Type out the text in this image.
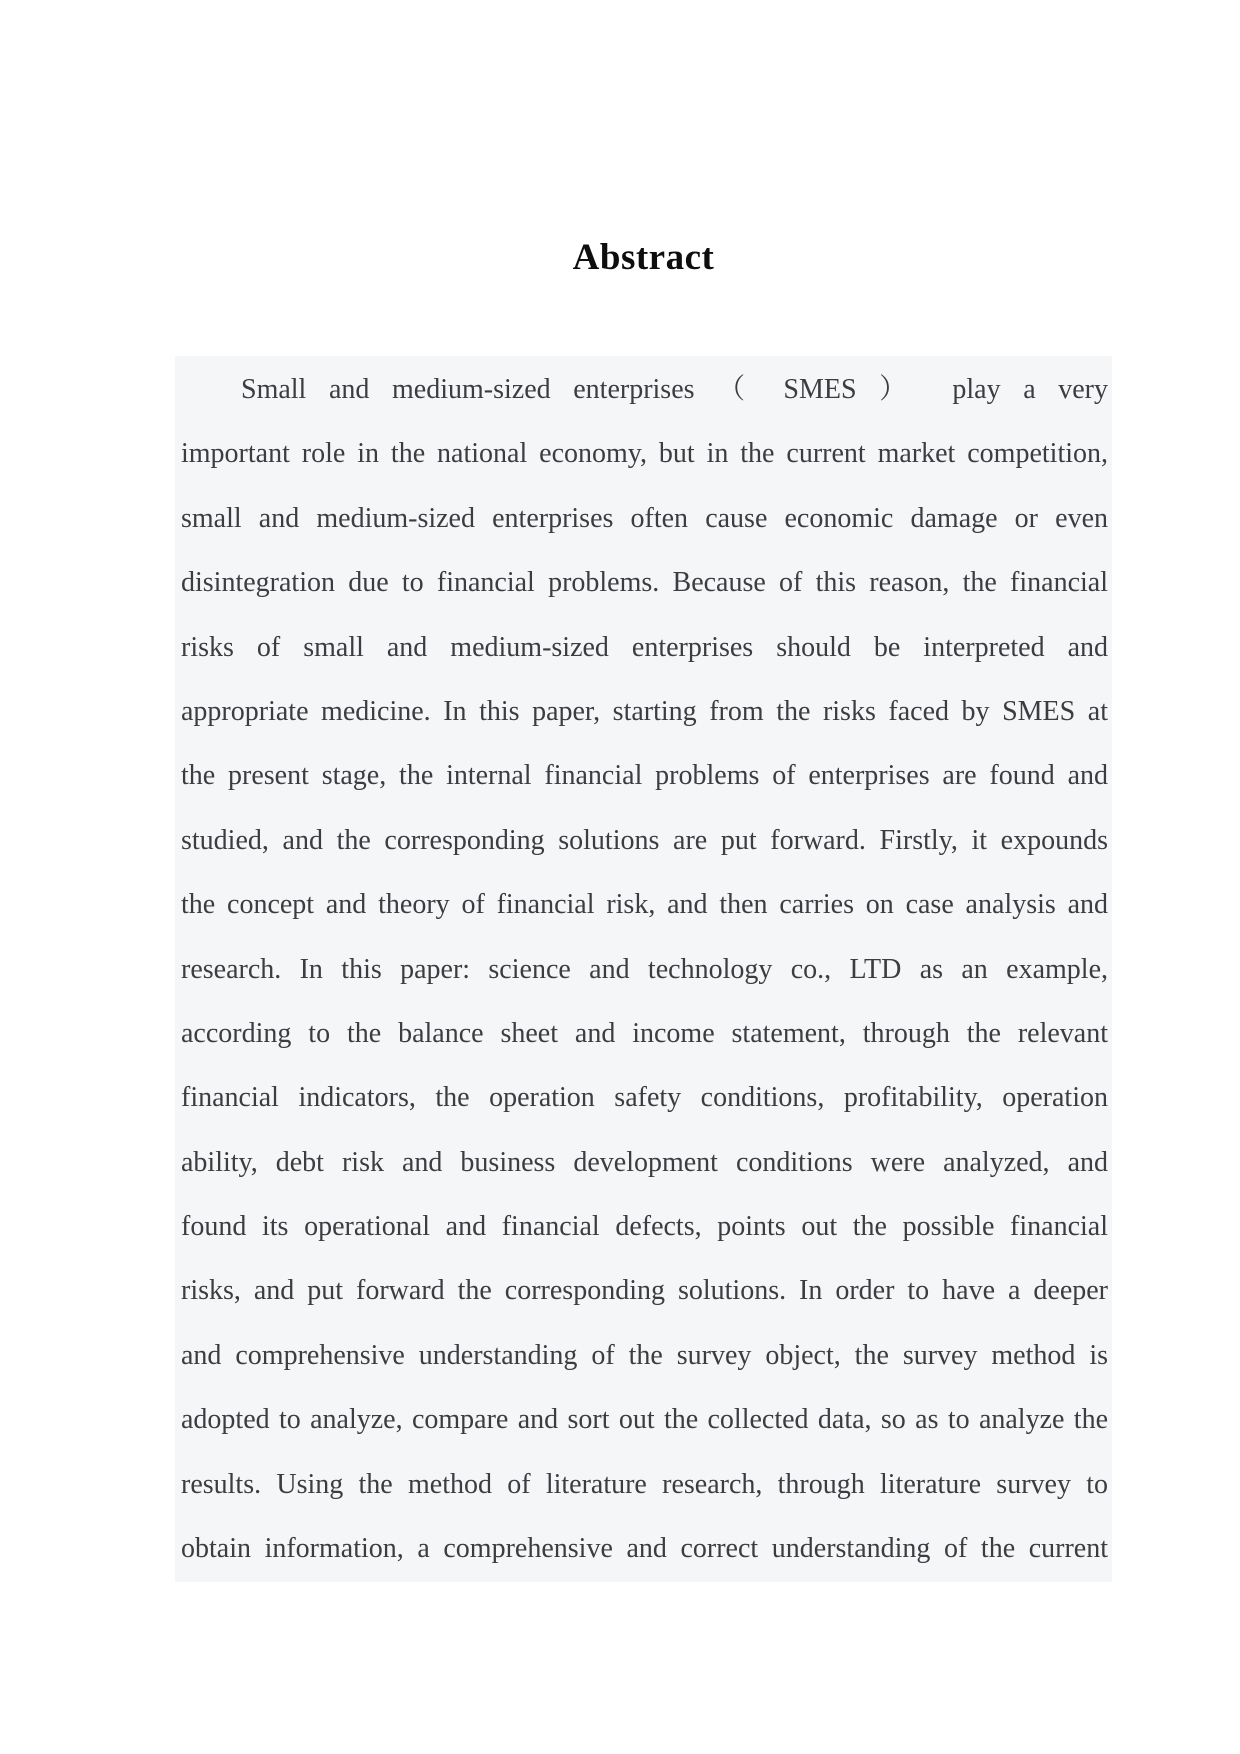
Abstract
Small and medium-sized enterprises （ SMES ）　play a very
important role in the national economy, but in the current market competition,
small and medium-sized enterprises often cause economic damage or even
disintegration due to financial problems. Because of this reason, the financial
risks of small and medium-sized enterprises should be interpreted and
appropriate medicine. In this paper, starting from the risks faced by SMES at
the present stage, the internal financial problems of enterprises are found and
studied, and the corresponding solutions are put forward. Firstly, it expounds
the concept and theory of financial risk, and then carries on case analysis and
research. In this paper: science and technology co., LTD as an example,
according to the balance sheet and income statement, through the relevant
financial indicators, the operation safety conditions, profitability, operation
ability, debt risk and business development conditions were analyzed, and
found its operational and financial defects, points out the possible financial
risks, and put forward the corresponding solutions. In order to have a deeper
and comprehensive understanding of the survey object, the survey method is
adopted to analyze, compare and sort out the collected data, so as to analyze the
results. Using the method of literature research, through literature survey to
obtain information, a comprehensive and correct understanding of the current
